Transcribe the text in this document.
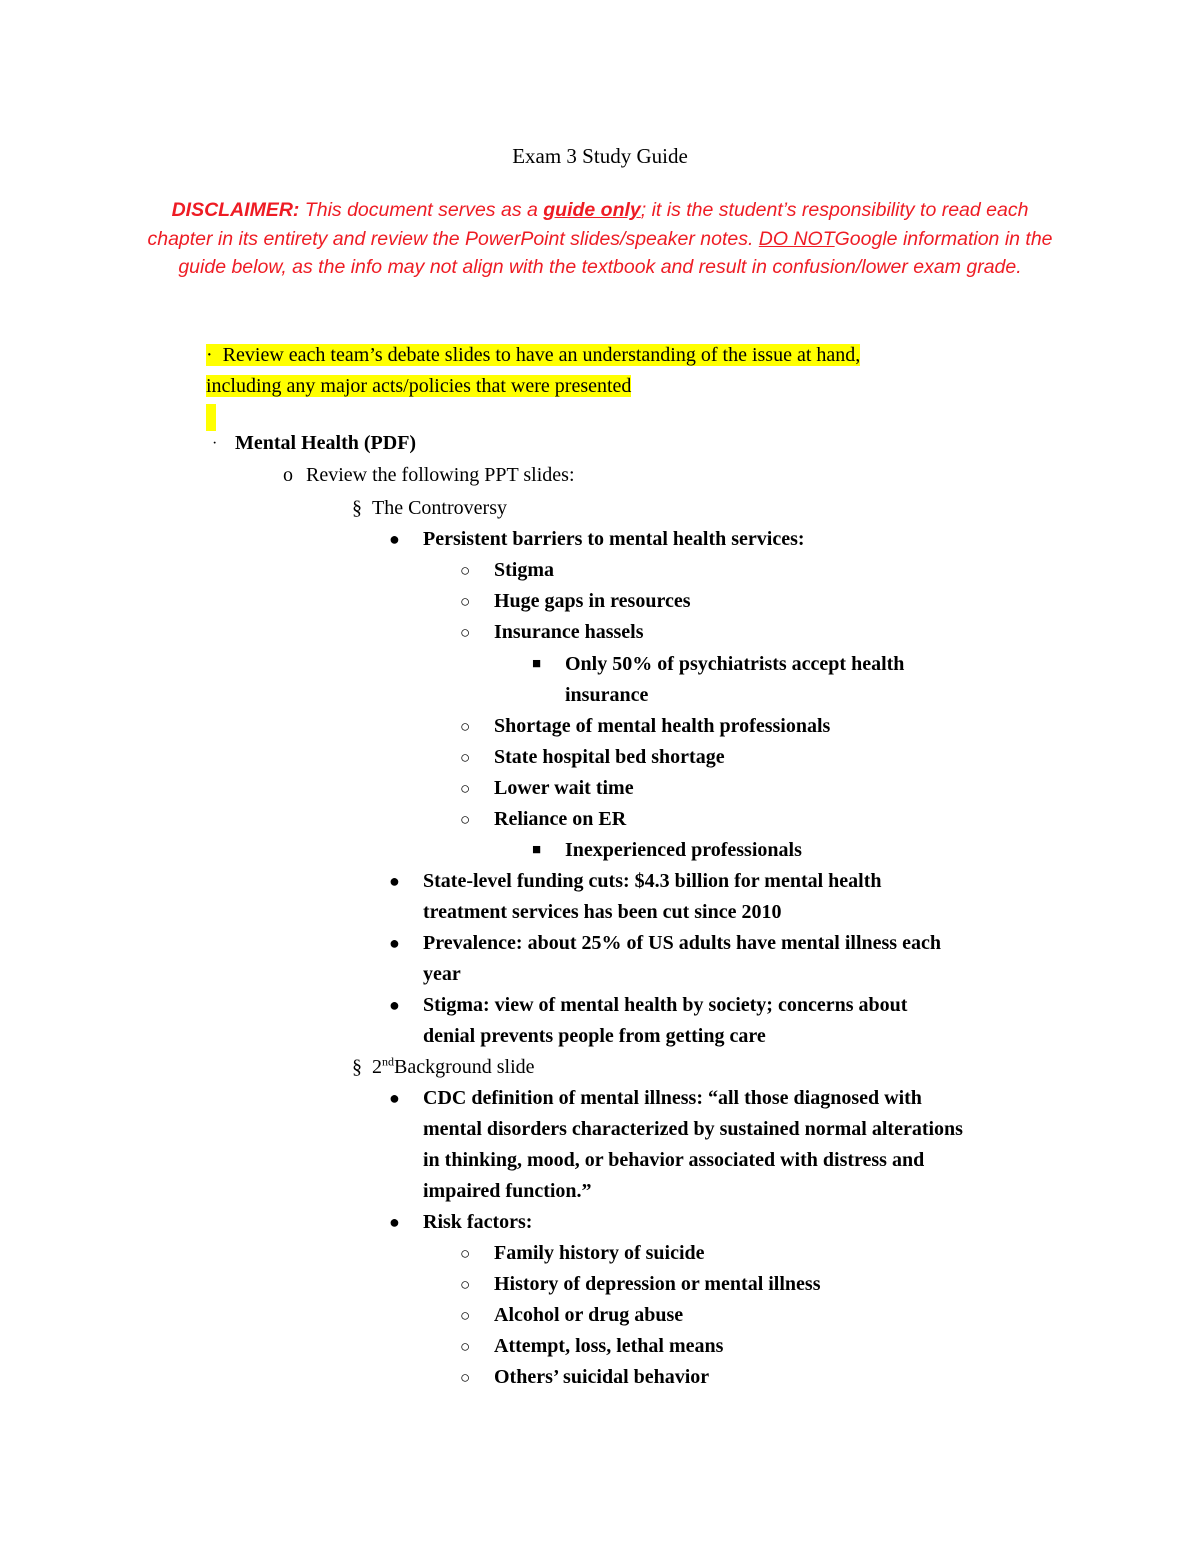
Exam 3 Study Guide
DISCLAIMER: This document serves as a guide only; it is the student’s responsibility to read each chapter in its entirety and review the PowerPoint slides/speaker notes. DO NOTGoogle information in the guide below, as the info may not align with the textbook and result in confusion/lower exam grade.
·  Review each team’s debate slides to have an understanding of the issue at hand,
including any major acts/policies that were presented
· Mental Health (PDF)
o Review the following PPT slides:
§ The Controversy
● Persistent barriers to mental health services:
○ Stigma
○ Huge gaps in resources
○ Insurance hassels
■ Only 50% of psychiatrists accept health
insurance
○ Shortage of mental health professionals
○ State hospital bed shortage
○ Lower wait time
○ Reliance on ER
■ Inexperienced professionals
● State-level funding cuts: $4.3 billion for mental health
treatment services has been cut since 2010
● Prevalence: about 25% of US adults have mental illness each
year
● Stigma: view of mental health by society; concerns about
denial prevents people from getting care
§ 2ndBackground slide
● CDC definition of mental illness: “all those diagnosed with
mental disorders characterized by sustained normal alterations
in thinking, mood, or behavior associated with distress and
impaired function.”
● Risk factors:
○ Family history of suicide
○ History of depression or mental illness
○ Alcohol or drug abuse
○ Attempt, loss, lethal means
○ Others’ suicidal behavior
